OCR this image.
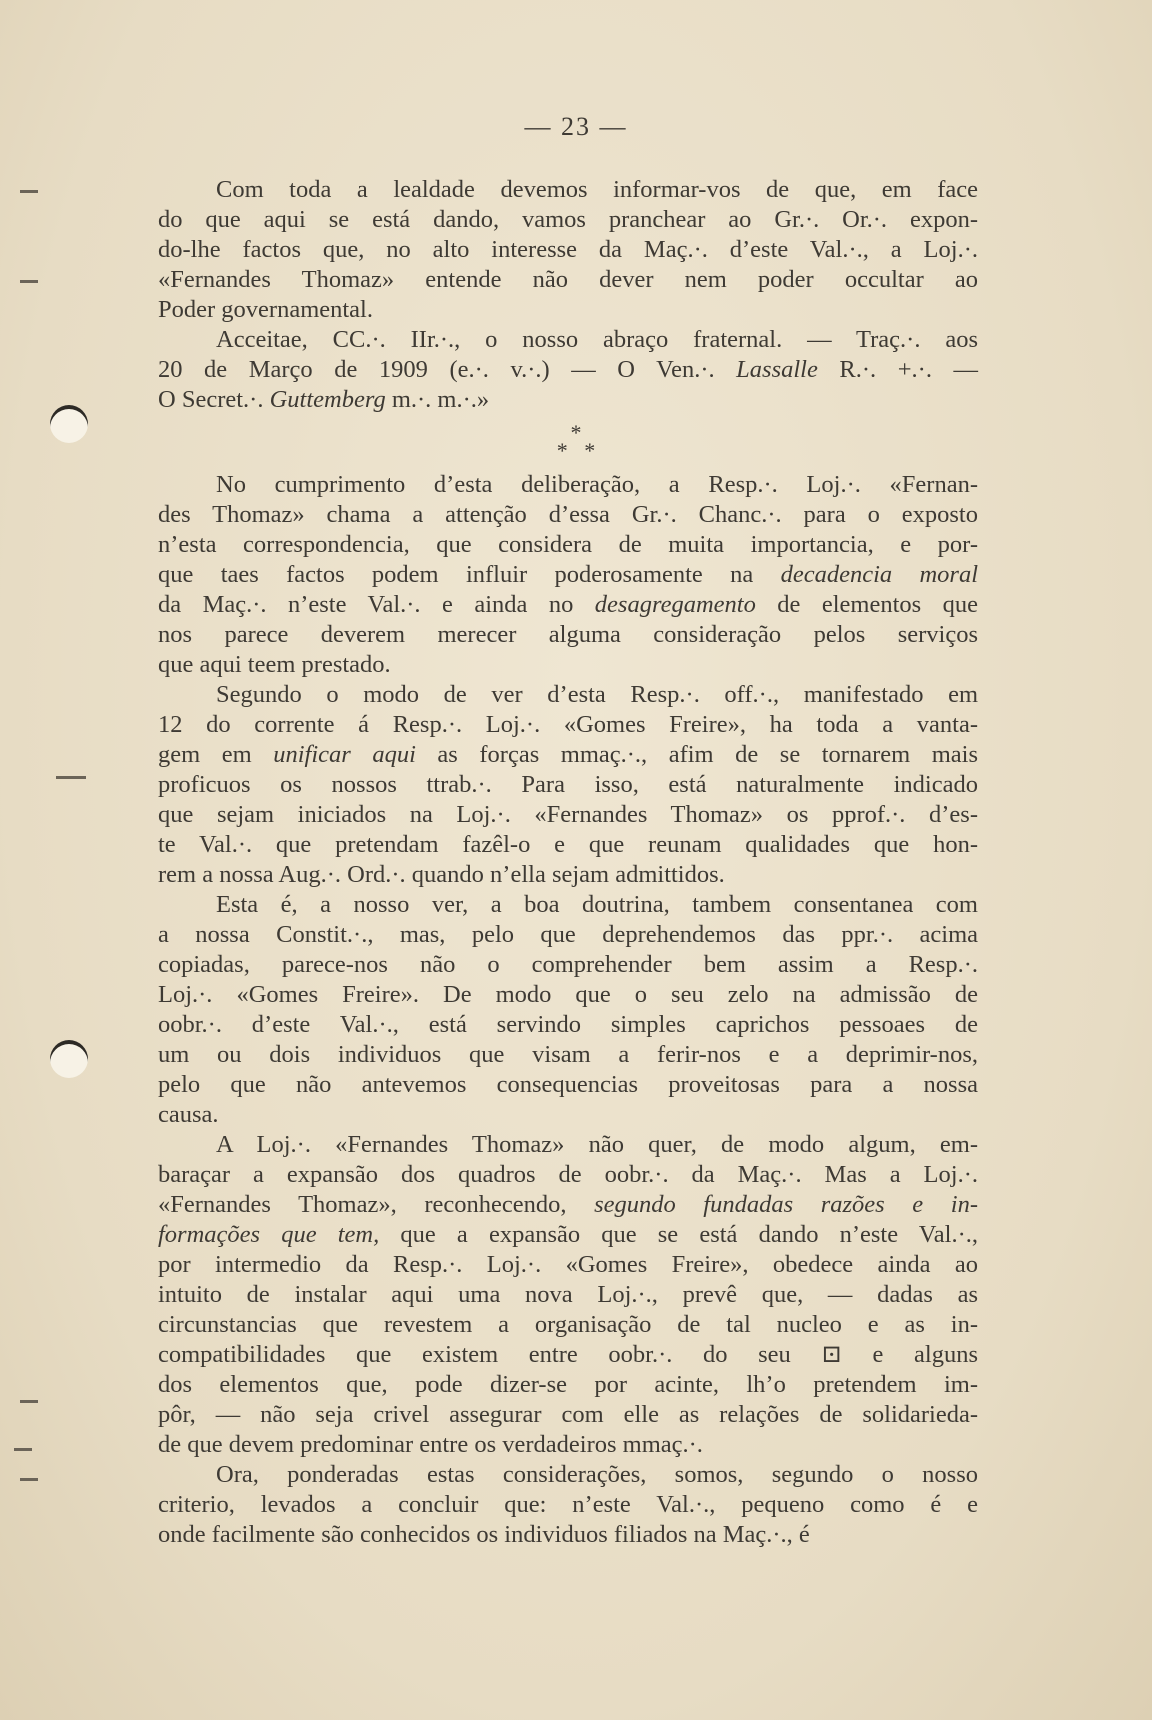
— 23 —
Com toda a lealdade devemos informar-vos de que, em face
do que aqui se está dando, vamos pranchear ao Gr.·. Or.·. expon-
do-lhe factos que, no alto interesse da Maç.·. d’este Val.·., a Loj.·.
«Fernandes Thomaz» entende não dever nem poder occultar ao
Poder governamental.
Acceitae, CC.·. IIr.·., o nosso abraço fraternal. — Traç.·. aos
20 de Março de 1909 (e.·. v.·.) — O Ven.·. Lassalle R.·. +.·. —
O Secret.·. Guttemberg m.·. m.·.»
*
*   *
No cumprimento d’esta deliberação, a Resp.·. Loj.·. «Fernan-
des Thomaz» chama a attenção d’essa Gr.·. Chanc.·. para o exposto
n’esta correspondencia, que considera de muita importancia, e por-
que taes factos podem influir poderosamente na decadencia moral
da Maç.·. n’este Val.·. e ainda no desagregamento de elementos que
nos parece deverem merecer alguma consideração pelos serviços
que aqui teem prestado.
Segundo o modo de ver d’esta Resp.·. off.·., manifestado em
12 do corrente á Resp.·. Loj.·. «Gomes Freire», ha toda a vanta-
gem em unificar aqui as forças mmaç.·., afim de se tornarem mais
proficuos os nossos ttrab.·. Para isso, está naturalmente indicado
que sejam iniciados na Loj.·. «Fernandes Thomaz» os pprof.·. d’es-
te Val.·. que pretendam fazêl-o e que reunam qualidades que hon-
rem a nossa Aug.·. Ord.·. quando n’ella sejam admittidos.
Esta é, a nosso ver, a boa doutrina, tambem consentanea com
a nossa Constit.·., mas, pelo que deprehendemos das ppr.·. acima
copiadas, parece-nos não o comprehender bem assim a Resp.·.
Loj.·. «Gomes Freire». De modo que o seu zelo na admissão de
oobr.·. d’este Val.·., está servindo simples caprichos pessoaes de
um ou dois individuos que visam a ferir-nos e a deprimir-nos,
pelo que não antevemos consequencias proveitosas para a nossa
causa.
A Loj.·. «Fernandes Thomaz» não quer, de modo algum, em-
baraçar a expansão dos quadros de oobr.·. da Maç.·. Mas a Loj.·.
«Fernandes Thomaz», reconhecendo, segundo fundadas razões e in-
formações que tem, que a expansão que se está dando n’este Val.·.,
por intermedio da Resp.·. Loj.·. «Gomes Freire», obedece ainda ao
intuito de instalar aqui uma nova Loj.·., prevê que, — dadas as
circunstancias que revestem a organisação de tal nucleo e as in-
compatibilidades que existem entre oobr.·. do seu ⊡ e alguns
dos elementos que, pode dizer-se por acinte, lh’o pretendem im-
pôr, — não seja crivel assegurar com elle as relações de solidarieda-
de que devem predominar entre os verdadeiros mmaç.·.
Ora, ponderadas estas considerações, somos, segundo o nosso
criterio, levados a concluir que: n’este Val.·., pequeno como é e
onde facilmente são conhecidos os individuos filiados na Maç.·., é
